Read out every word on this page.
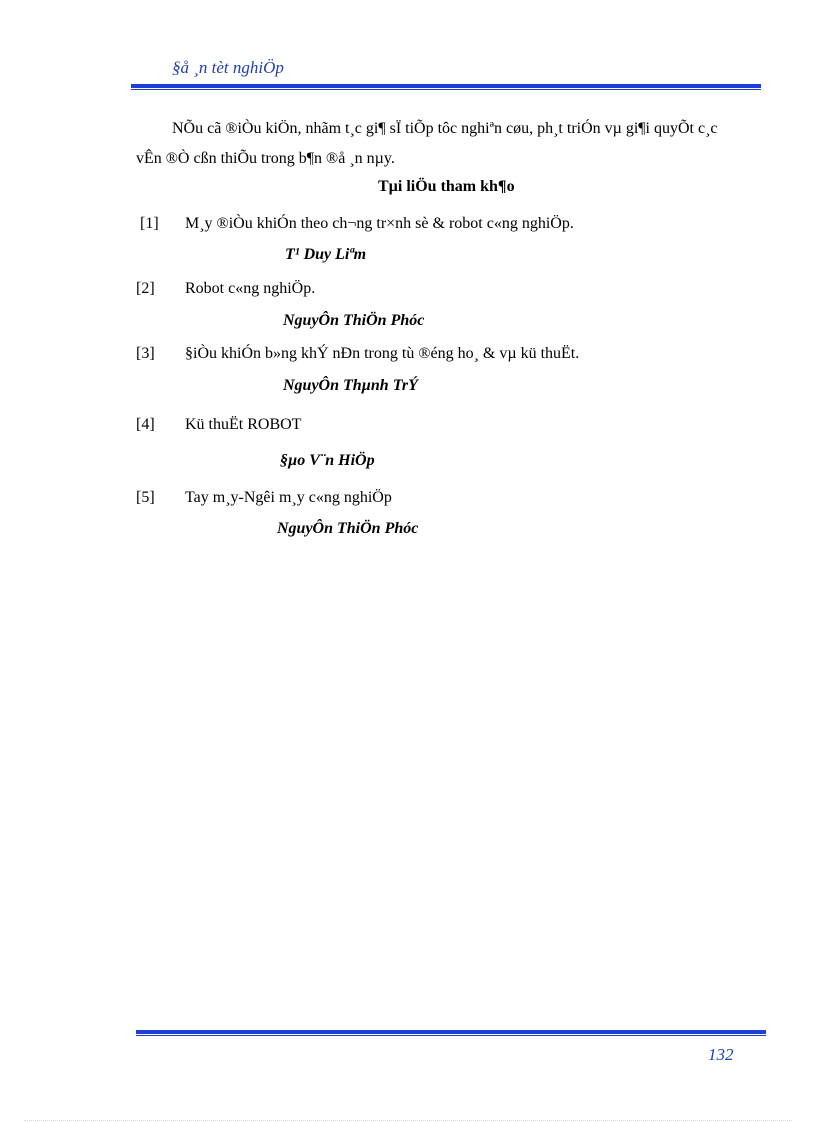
§å ¸n tèt nghiÖp
NÕu cã ®iÒu kiÖn, nhãm t¸c gi¶ sÏ tiÕp tôc nghiªn cøu, ph¸t triÓn vµ gi¶i quyÕt c¸c vÊn ®Ò cßn thiÕu trong b¶n ®å ¸n nµy.
Tµi liÖu tham kh¶o
[1] M¸y ®iÒu khiÓn theo ch¬ng tr×nh sè & robot c«ng nghiÖp.
T¹ Duy Liªm
[2] Robot c«ng nghiÖp.
NguyÔn ThiÖn Phóc
[3] §iÒu khiÓn b»ng khÝ nÐn trong tù ®éng ho¸ & vµ kü thuËt.
NguyÔn Thµnh TrÝ
[4] Kü thuËt ROBOT
§µo V¨n HiÖp
[5] Tay m¸y-Ngêi m¸y c«ng nghiÖp
NguyÔn ThiÖn Phóc
132
